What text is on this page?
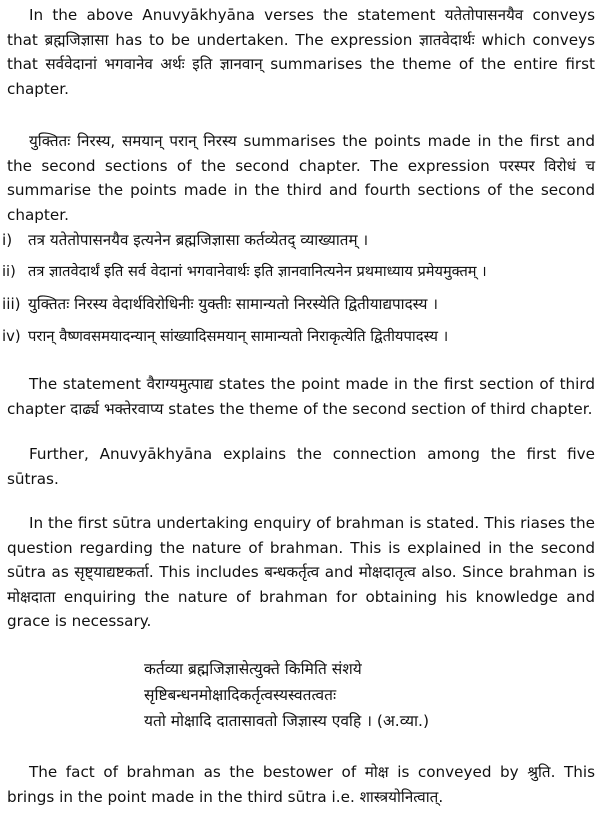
In the above Anuvyākhyāna verses the statement यतेतोपासनयैव conveys that ब्रह्मजिज्ञासा has to be undertaken. The expression ज्ञातवेदार्थः which conveys that सर्ववेदानां भगवानेव अर्थः इति ज्ञानवान् summarises the theme of the entire first chapter.
युक्तितः निरस्य, समयान् परान् निरस्य summarises the points made in the first and the second sections of the second chapter. The expression परस्पर विरोधं च summarise the points made in the third and fourth sections of the second chapter.
i) तत्र यतेतोपासनयैव इत्यनेन ब्रह्मजिज्ञासा कर्तव्येतद् व्याख्यातम् ।
ii) तत्र ज्ञातवेदार्थं इति सर्व वेदानां भगवानेवार्थः इति ज्ञानवानित्यनेन प्रथमाध्याय प्रमेयमुक्तम् ।
iii) युक्तितः निरस्य वेदार्थविरोधिनीः युक्तीः सामान्यतो निरस्येति द्वितीयाद्यपादस्य ।
iv) परान् वैष्णवसमयादन्यान् सांख्यादिसमयान् सामान्यतो निराकृत्येति द्वितीयपादस्य ।
The statement वैराग्यमुत्पाद्य states the point made in the first section of third chapter दार्ढ्य भक्तेरवाप्य states the theme of the second section of third chapter.
Further, Anuvyākhyāna explains the connection among the first five sūtras.
In the first sūtra undertaking enquiry of brahman is stated. This riases the question regarding the nature of brahman. This is explained in the second sūtra as सृष्ट्याद्यष्टकर्ता. This includes बन्धकर्तृत्व and मोक्षदातृत्व also. Since brahman is मोक्षदाता enquiring the nature of brahman for obtaining his knowledge and grace is necessary.
कर्तव्या ब्रह्मजिज्ञासेत्युक्ते किमिति संशये
सृष्टिबन्धनमोक्षादिकर्तृत्वस्यस्वतत्वतः
यतो मोक्षादि दातासावतो जिज्ञास्य एवहि । (अ.व्या.)
The fact of brahman as the bestower of मोक्ष is conveyed by श्रुति. This brings in the point made in the third sūtra i.e. शास्त्रयोनित्वात्.
